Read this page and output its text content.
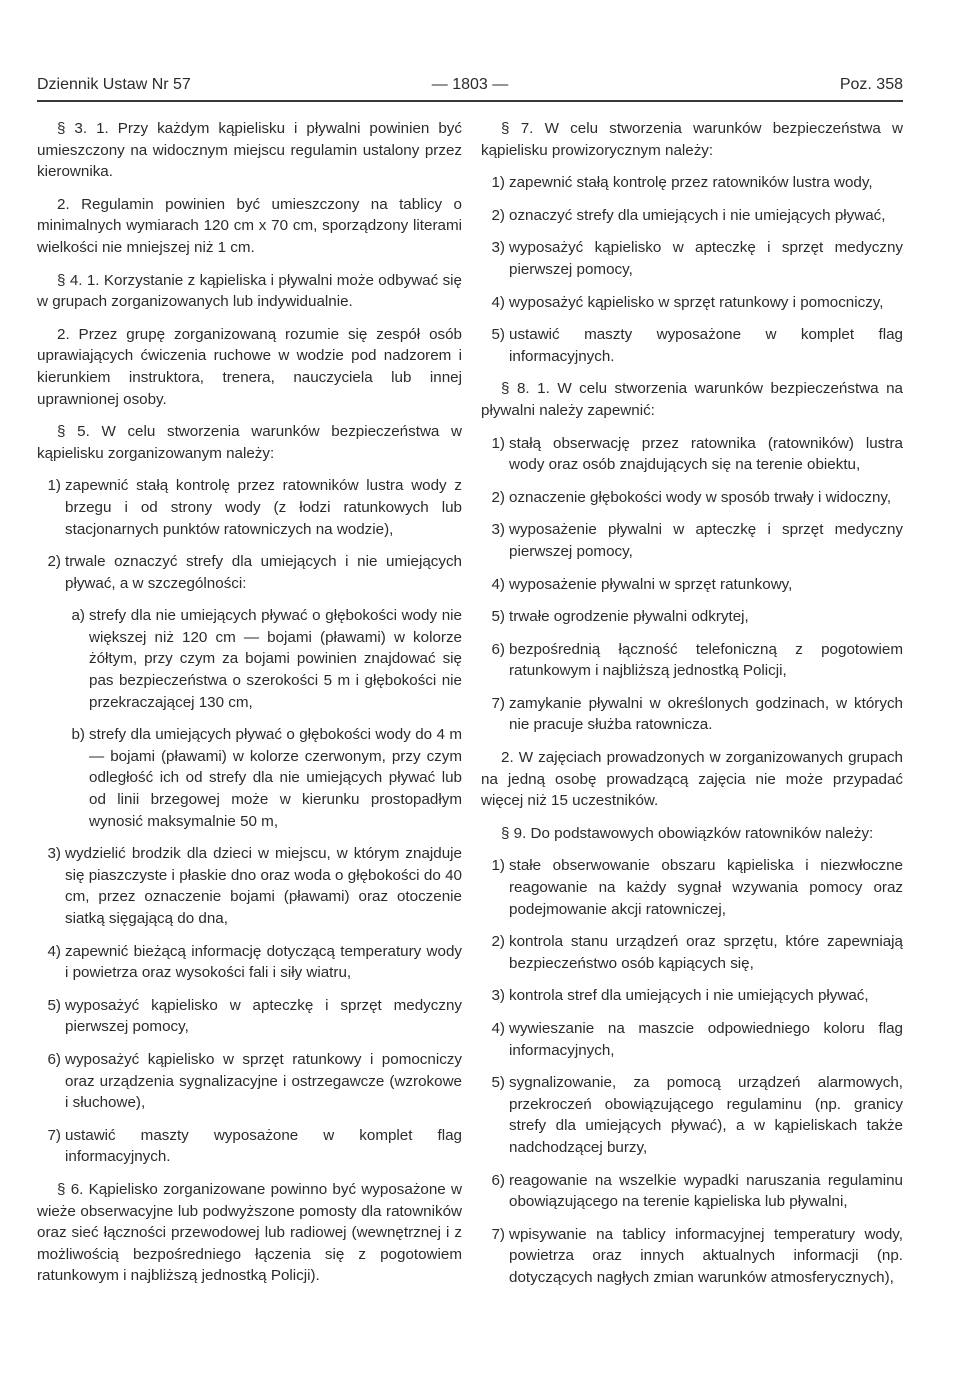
Dziennik Ustaw Nr 57	— 1803 —	Poz. 358

§ 3. 1. Przy każdym kąpielisku i pływalni powinien być umieszczony na widocznym miejscu regulamin ustalony przez kierownika.

2. Regulamin powinien być umieszczony na tablicy o minimalnych wymiarach 120 cm x 70 cm, sporządzony literami wielkości nie mniejszej niż 1 cm.

§ 4. 1. Korzystanie z kąpieliska i pływalni może odbywać się w grupach zorganizowanych lub indywidualnie.

2. Przez grupę zorganizowaną rozumie się zespół osób uprawiających ćwiczenia ruchowe w wodzie pod nadzorem i kierunkiem instruktora, trenera, nauczyciela lub innej uprawnionej osoby.

§ 5. W celu stworzenia warunków bezpieczeństwa w kąpielisku zorganizowanym należy:

1) zapewnić stałą kontrolę przez ratowników lustra wody z brzegu i od strony wody (z łodzi ratunkowych lub stacjonarnych punktów ratowniczych na wodzie),
2) trwale oznaczyć strefy dla umiejących i nie umiejących pływać, a w szczególności:
a) strefy dla nie umiejących pływać o głębokości wody nie większej niż 120 cm — bojami (pławami) w kolorze żółtym, przy czym za bojami powinien znajdować się pas bezpieczeństwa o szerokości 5 m i głębokości nie przekraczającej 130 cm,
b) strefy dla umiejących pływać o głębokości wody do 4 m — bojami (pławami) w kolorze czerwonym, przy czym odległość ich od strefy dla nie umiejących pływać lub od linii brzegowej może w kierunku prostopadłym wynosić maksymalnie 50 m,
3) wydzielić brodzik dla dzieci w miejscu, w którym znajduje się piaszczyste i płaskie dno oraz woda o głębokości do 40 cm, przez oznaczenie bojami (pławami) oraz otoczenie siatką sięgającą do dna,
4) zapewnić bieżącą informację dotyczącą temperatury wody i powietrza oraz wysokości fali i siły wiatru,
5) wyposażyć kąpielisko w apteczkę i sprzęt medyczny pierwszej pomocy,
6) wyposażyć kąpielisko w sprzęt ratunkowy i pomocniczy oraz urządzenia sygnalizacyjne i ostrzegawcze (wzrokowe i słuchowe),
7) ustawić maszty wyposażone w komplet flag informacyjnych.

§ 6. Kąpielisko zorganizowane powinno być wyposażone w wieże obserwacyjne lub podwyższone pomosty dla ratowników oraz sieć łączności przewodowej lub radiowej (wewnętrznej i z możliwością bezpośredniego łączenia się z pogotowiem ratunkowym i najbliższą jednostką Policji).

§ 7. W celu stworzenia warunków bezpieczeństwa w kąpielisku prowizorycznym należy:

1) zapewnić stałą kontrolę przez ratowników lustra wody,
2) oznaczyć strefy dla umiejących i nie umiejących pływać,
3) wyposażyć kąpielisko w apteczkę i sprzęt medyczny pierwszej pomocy,
4) wyposażyć kąpielisko w sprzęt ratunkowy i pomocniczy,
5) ustawić maszty wyposażone w komplet flag informacyjnych.

§ 8. 1. W celu stworzenia warunków bezpieczeństwa na pływalni należy zapewnić:

1) stałą obserwację przez ratownika (ratowników) lustra wody oraz osób znajdujących się na terenie obiektu,
2) oznaczenie głębokości wody w sposób trwały i widoczny,
3) wyposażenie pływalni w apteczkę i sprzęt medyczny pierwszej pomocy,
4) wyposażenie pływalni w sprzęt ratunkowy,
5) trwałe ogrodzenie pływalni odkrytej,
6) bezpośrednią łączność telefoniczną z pogotowiem ratunkowym i najbliższą jednostką Policji,
7) zamykanie pływalni w określonych godzinach, w których nie pracuje służba ratownicza.

2. W zajęciach prowadzonych w zorganizowanych grupach na jedną osobę prowadzącą zajęcia nie może przypadać więcej niż 15 uczestników.

§ 9. Do podstawowych obowiązków ratowników należy:

1) stałe obserwowanie obszaru kąpieliska i niezwłoczne reagowanie na każdy sygnał wzywania pomocy oraz podejmowanie akcji ratowniczej,
2) kontrola stanu urządzeń oraz sprzętu, które zapewniają bezpieczeństwo osób kąpiących się,
3) kontrola stref dla umiejących i nie umiejących pływać,
4) wywieszanie na maszcie odpowiedniego koloru flag informacyjnych,
5) sygnalizowanie, za pomocą urządzeń alarmowych, przekroczeń obowiązującego regulaminu (np. granicy strefy dla umiejących pływać), a w kąpieliskach także nadchodzącej burzy,
6) reagowanie na wszelkie wypadki naruszania regulaminu obowiązującego na terenie kąpieliska lub pływalni,
7) wpisywanie na tablicy informacyjnej temperatury wody, powietrza oraz innych aktualnych informacji (np. dotyczących nagłych zmian warunków atmosferycznych),
